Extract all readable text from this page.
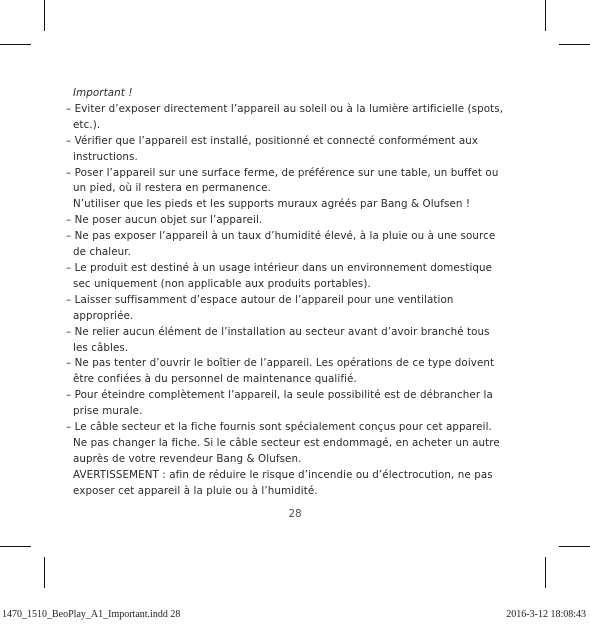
Important !

– Eviter d’exposer directement l’appareil au soleil ou à la lumière artificielle (spots, etc.).

– Vérifier que l’appareil est installé, positionné et connecté conformément aux instructions.

– Poser l’appareil sur une surface ferme, de préférence sur une table, un buffet ou un pied, où il restera en permanence.

N’utiliser que les pieds et les supports muraux agréés par Bang & Olufsen !

– Ne poser aucun objet sur l’appareil.

– Ne pas exposer l’appareil à un taux d’humidité élevé, à la pluie ou à une source de chaleur.

– Le produit est destiné à un usage intérieur dans un environnement domestique sec uniquement (non applicable aux produits portables).

– Laisser suffisamment d’espace autour de l’appareil pour une ventilation appropriée.

– Ne relier aucun élément de l’installation au secteur avant d’avoir branché tous les câbles.

– Ne pas tenter d’ouvrir le boîtier de l’appareil. Les opérations de ce type doivent être confiées à du personnel de maintenance qualifié.

– Pour éteindre complètement l’appareil, la seule possibilité est de débrancher la prise murale.

– Le câble secteur et la fiche fournis sont spécialement conçus pour cet appareil. Ne pas changer la fiche. Si le câble secteur est endommagé, en acheter un autre auprès de votre revendeur Bang & Olufsen.

AVERTISSEMENT : afin de réduire le risque d’incendie ou d’électrocution, ne pas exposer cet appareil à la pluie ou à l’humidité.

28
1470_1510_BeoPlay_A1_Important.indd 28	2016-3-12 18:08:43
